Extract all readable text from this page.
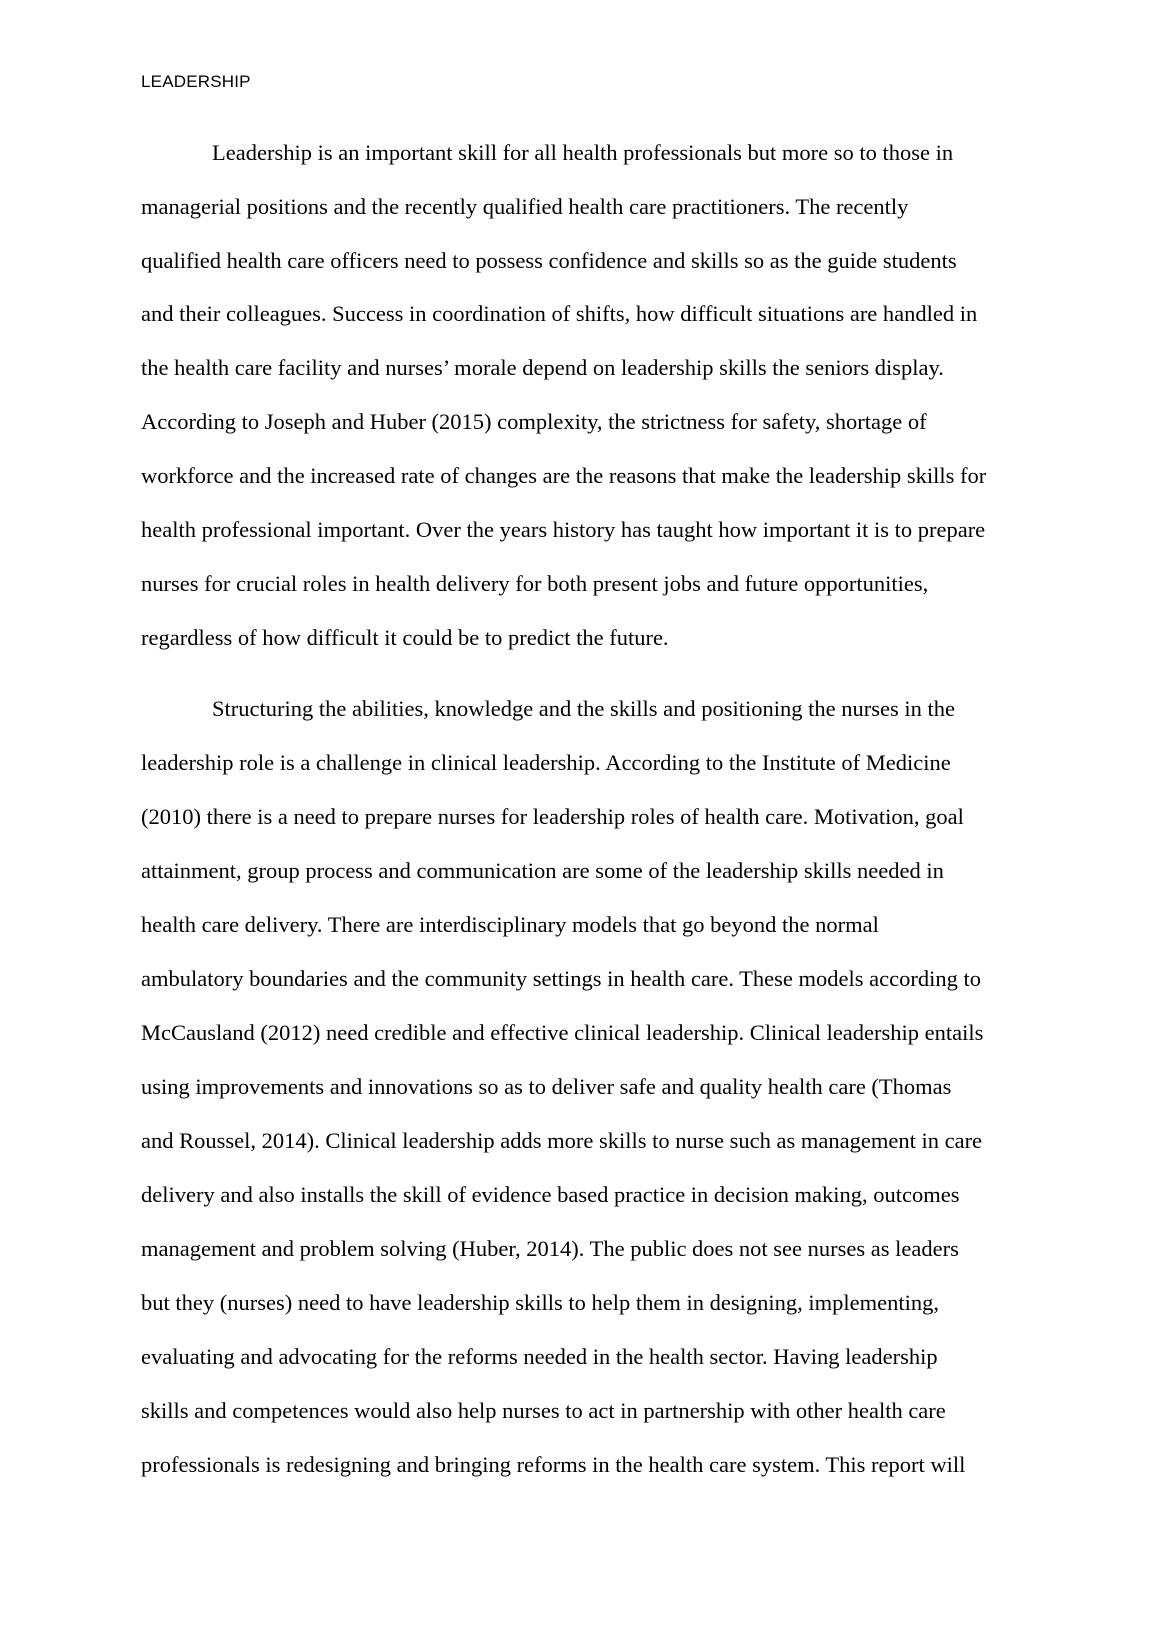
LEADERSHIP
Leadership is an important skill for all health professionals but more so to those in
managerial positions and the recently qualified health care practitioners. The recently
qualified health care officers need to possess confidence and skills so as the guide students
and their colleagues. Success in coordination of shifts, how difficult situations are handled in
the health care facility and nurses’ morale depend on leadership skills the seniors display.
According to Joseph and Huber (2015) complexity, the strictness for safety, shortage of
workforce and the increased rate of changes are the reasons that make the leadership skills for
health professional important. Over the years history has taught how important it is to prepare
nurses for crucial roles in health delivery for both present jobs and future opportunities,
regardless of how difficult it could be to predict the future.
Structuring the abilities, knowledge and the skills and positioning the nurses in the
leadership role is a challenge in clinical leadership. According to the Institute of Medicine
(2010) there is a need to prepare nurses for leadership roles of health care. Motivation, goal
attainment, group process and communication are some of the leadership skills needed in
health care delivery. There are interdisciplinary models that go beyond the normal
ambulatory boundaries and the community settings in health care. These models according to
McCausland (2012) need credible and effective clinical leadership. Clinical leadership entails
using improvements and innovations so as to deliver safe and quality health care (Thomas
and Roussel, 2014). Clinical leadership adds more skills to nurse such as management in care
delivery and also installs the skill of evidence based practice in decision making, outcomes
management and problem solving (Huber, 2014). The public does not see nurses as leaders
but they (nurses) need to have leadership skills to help them in designing, implementing,
evaluating and advocating for the reforms needed in the health sector. Having leadership
skills and competences would also help nurses to act in partnership with other health care
professionals is redesigning and bringing reforms in the health care system. This report will
